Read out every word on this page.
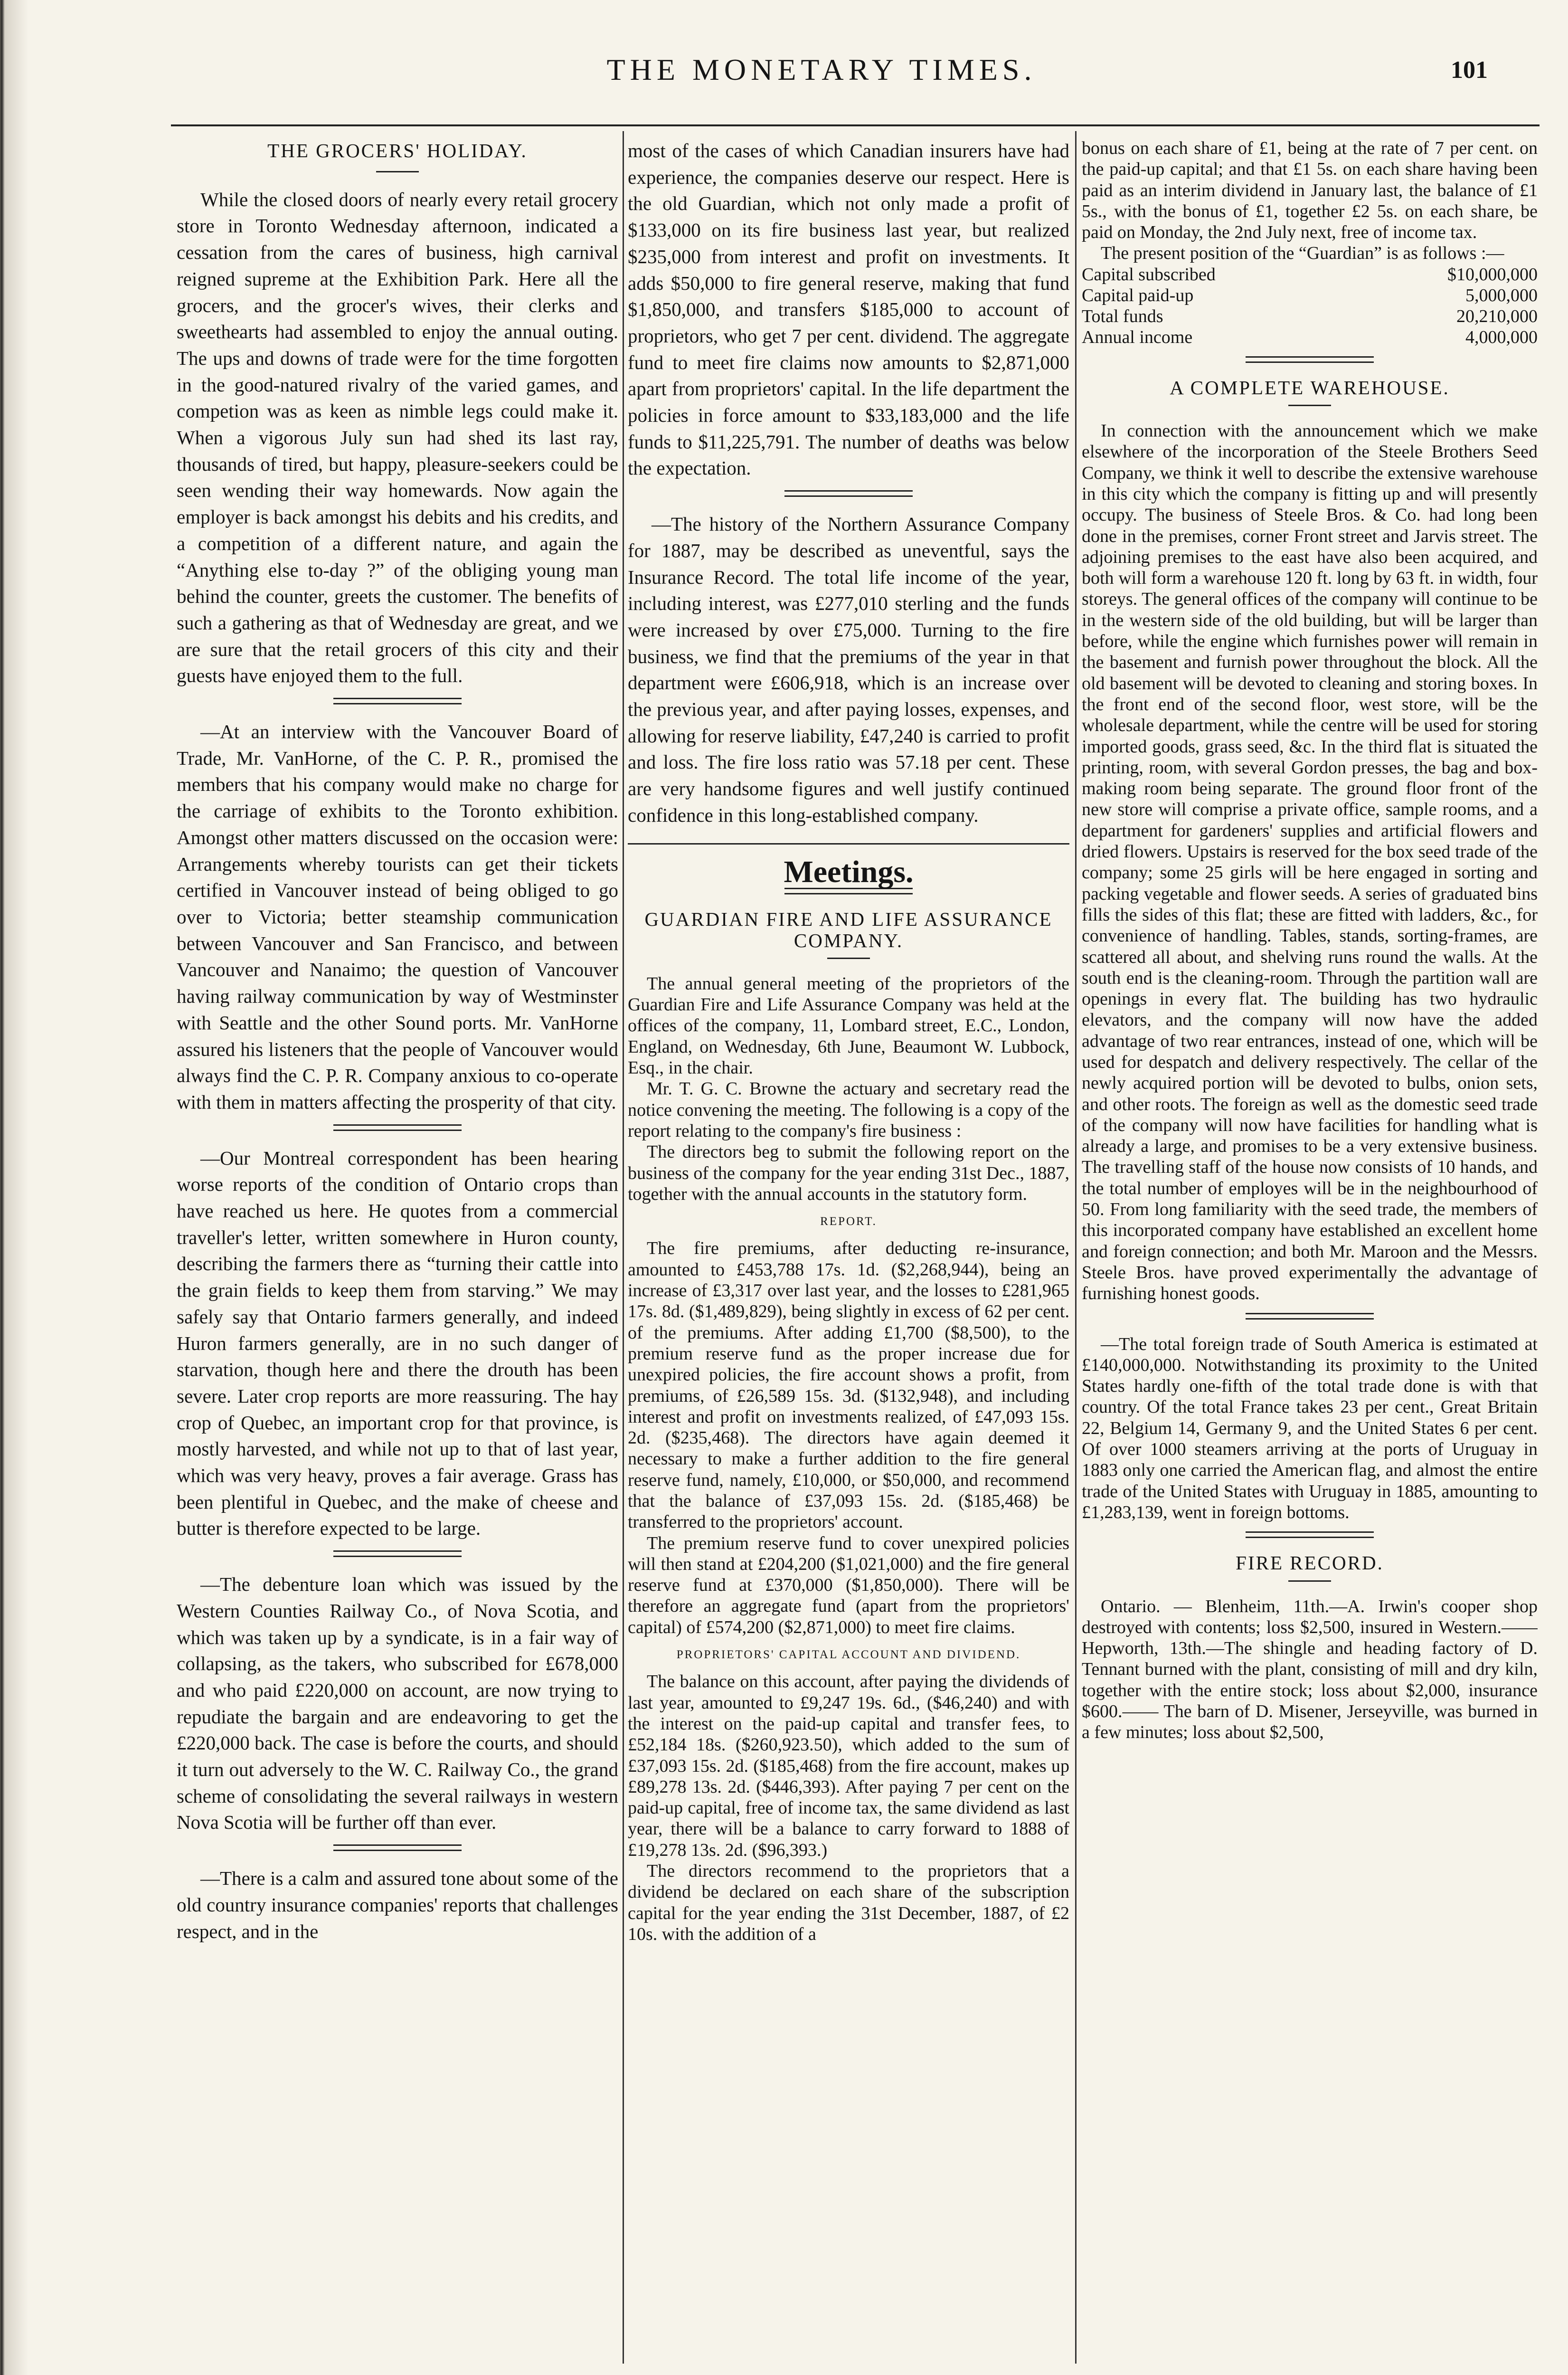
THE MONETARY TIMES.	101
THE GROCERS' HOLIDAY.

While the closed doors of nearly every retail grocery store in Toronto Wednesday afternoon, indicated a cessation from the cares of business, high carnival reigned supreme at the Exhibition Park. Here all the grocers, and the grocer's wives, their clerks and sweethearts had assembled to enjoy the annual outing. The ups and downs of trade were for the time forgotten in the good-natured rivalry of the varied games, and competion was as keen as nimble legs could make it. When a vigorous July sun had shed its last ray, thousands of tired, but happy, pleasure-seekers could be seen wending their way homewards. Now again the employer is back amongst his debits and his credits, and a competition of a different nature, and again the “Anything else to-day ?” of the obliging young man behind the counter, greets the customer. The benefits of such a gathering as that of Wednesday are great, and we are sure that the retail grocers of this city and their guests have enjoyed them to the full.

—At an interview with the Vancouver Board of Trade, Mr. VanHorne, of the C. P. R., promised the members that his company would make no charge for the carriage of exhibits to the Toronto exhibition. Amongst other matters discussed on the occasion were: Arrangements whereby tourists can get their tickets certified in Vancouver instead of being obliged to go over to Victoria; better steamship communication between Vancouver and San Francisco, and between Vancouver and Nanaimo; the question of Vancouver having railway communication by way of Westminster with Seattle and the other Sound ports. Mr. VanHorne assured his listeners that the people of Vancouver would always find the C. P. R. Company anxious to co-operate with them in matters affecting the prosperity of that city.

—Our Montreal correspondent has been hearing worse reports of the condition of Ontario crops than have reached us here. He quotes from a commercial traveller's letter, written somewhere in Huron county, describing the farmers there as “turning their cattle into the grain fields to keep them from starving.” We may safely say that Ontario farmers generally, and indeed Huron farmers generally, are in no such danger of starvation, though here and there the drouth has been severe. Later crop reports are more reassuring. The hay crop of Quebec, an important crop for that province, is mostly harvested, and while not up to that of last year, which was very heavy, proves a fair average. Grass has been plentiful in Quebec, and the make of cheese and butter is therefore expected to be large.

—The debenture loan which was issued by the Western Counties Railway Co., of Nova Scotia, and which was taken up by a syndicate, is in a fair way of collapsing, as the takers, who subscribed for £678,000 and who paid £220,000 on account, are now trying to repudiate the bargain and are endeavoring to get the £220,000 back. The case is before the courts, and should it turn out adversely to the W. C. Railway Co., the grand scheme of consolidating the several railways in western Nova Scotia will be further off than ever.

—There is a calm and assured tone about some of the old country insurance companies' reports that challenges respect, and in the

most of the cases of which Canadian insurers have had experience, the companies deserve our respect. Here is the old Guardian, which not only made a profit of $133,000 on its fire business last year, but realized $235,000 from interest and profit on investments. It adds $50,000 to fire general reserve, making that fund $1,850,000, and transfers $185,000 to account of proprietors, who get 7 per cent. dividend. The aggregate fund to meet fire claims now amounts to $2,871,000 apart from proprietors' capital. In the life department the policies in force amount to $33,183,000 and the life funds to $11,225,791. The number of deaths was below the expectation.

—The history of the Northern Assurance Company for 1887, may be described as uneventful, says the Insurance Record. The total life income of the year, including interest, was £277,010 sterling and the funds were increased by over £75,000. Turning to the fire business, we find that the premiums of the year in that department were £606,918, which is an increase over the previous year, and after paying losses, expenses, and allowing for reserve liability, £47,240 is carried to profit and loss. The fire loss ratio was 57.18 per cent. These are very handsome figures and well justify continued confidence in this long-established company.

Meetings.
GUARDIAN FIRE AND LIFE ASSURANCE COMPANY.

The annual general meeting of the proprietors of the Guardian Fire and Life Assurance Company was held at the offices of the company, 11, Lombard street, E.C., London, England, on Wednesday, 6th June, Beaumont W. Lubbock, Esq., in the chair.

Mr. T. G. C. Browne the actuary and secretary read the notice convening the meeting. The following is a copy of the report relating to the company's fire business :

The directors beg to submit the following report on the business of the company for the year ending 31st Dec., 1887, together with the annual accounts in the statutory form.

REPORT.

The fire premiums, after deducting re-insurance, amounted to £453,788 17s. 1d. ($2,268,944), being an increase of £3,317 over last year, and the losses to £281,965 17s. 8d. ($1,489,829), being slightly in excess of 62 per cent. of the premiums. After adding £1,700 ($8,500), to the premium reserve fund as the proper increase due for unexpired policies, the fire account shows a profit, from premiums, of £26,589 15s. 3d. ($132,948), and including interest and profit on investments realized, of £47,093 15s. 2d. ($235,468). The directors have again deemed it necessary to make a further addition to the fire general reserve fund, namely, £10,000, or $50,000, and recommend that the balance of £37,093 15s. 2d. ($185,468) be transferred to the proprietors' account.

The premium reserve fund to cover unexpired policies will then stand at £204,200 ($1,021,000) and the fire general reserve fund at £370,000 ($1,850,000). There will be therefore an aggregate fund (apart from the proprietors' capital) of £574,200 ($2,871,000) to meet fire claims.

PROPRIETORS' CAPITAL ACCOUNT AND DIVIDEND.

The balance on this account, after paying the dividends of last year, amounted to £9,247 19s. 6d., ($46,240) and with the interest on the paid-up capital and transfer fees, to £52,184 18s. ($260,923.50), which added to the sum of £37,093 15s. 2d. ($185,468) from the fire account, makes up £89,278 13s. 2d. ($446,393). After paying 7 per cent on the paid-up capital, free of income tax, the same dividend as last year, there will be a balance to carry forward to 1888 of £19,278 13s. 2d. ($96,393.)

The directors recommend to the proprietors that a dividend be declared on each share of the subscription capital for the year ending the 31st December, 1887, of £2 10s. with the addition of a

bonus on each share of £1, being at the rate of 7 per cent. on the paid-up capital; and that £1 5s. on each share having been paid as an interim dividend in January last, the balance of £1 5s., with the bonus of £1, together £2 5s. on each share, be paid on Monday, the 2nd July next, free of income tax.

The present position of the “Guardian” is as follows :—

Capital subscribed	$10,000,000
Capital paid-up	5,000,000
Total funds	20,210,000
Annual income	4,000,000
A COMPLETE WAREHOUSE.

In connection with the announcement which we make elsewhere of the incorporation of the Steele Brothers Seed Company, we think it well to describe the extensive warehouse in this city which the company is fitting up and will presently occupy. The business of Steele Bros. & Co. had long been done in the premises, corner Front street and Jarvis street. The adjoining premises to the east have also been acquired, and both will form a warehouse 120 ft. long by 63 ft. in width, four storeys. The general offices of the company will continue to be in the western side of the old building, but will be larger than before, while the engine which furnishes power will remain in the basement and furnish power throughout the block. All the old basement will be devoted to cleaning and storing boxes. In the front end of the second floor, west store, will be the wholesale department, while the centre will be used for storing imported goods, grass seed, &c. In the third flat is situated the printing, room, with several Gordon presses, the bag and box-making room being separate. The ground floor front of the new store will comprise a private office, sample rooms, and a department for gardeners' supplies and artificial flowers and dried flowers. Upstairs is reserved for the box seed trade of the company; some 25 girls will be here engaged in sorting and packing vegetable and flower seeds. A series of graduated bins fills the sides of this flat; these are fitted with ladders, &c., for convenience of handling. Tables, stands, sorting-frames, are scattered all about, and shelving runs round the walls. At the south end is the cleaning-room. Through the partition wall are openings in every flat. The building has two hydraulic elevators, and the company will now have the added advantage of two rear entrances, instead of one, which will be used for despatch and delivery respectively. The cellar of the newly acquired portion will be devoted to bulbs, onion sets, and other roots. The foreign as well as the domestic seed trade of the company will now have facilities for handling what is already a large, and promises to be a very extensive business. The travelling staff of the house now consists of 10 hands, and the total number of employes will be in the neighbourhood of 50. From long familiarity with the seed trade, the members of this incorporated company have established an excellent home and foreign connection; and both Mr. Maroon and the Messrs. Steele Bros. have proved experimentally the advantage of furnishing honest goods.

—The total foreign trade of South America is estimated at £140,000,000. Notwithstanding its proximity to the United States hardly one-fifth of the total trade done is with that country. Of the total France takes 23 per cent., Great Britain 22, Belgium 14, Germany 9, and the United States 6 per cent. Of over 1000 steamers arriving at the ports of Uruguay in 1883 only one carried the American flag, and almost the entire trade of the United States with Uruguay in 1885, amounting to £1,283,139, went in foreign bottoms.

FIRE RECORD.

Ontario. — Blenheim, 11th.—A. Irwin's cooper shop destroyed with contents; loss $2,500, insured in Western.——Hepworth, 13th.—The shingle and heading factory of D. Tennant burned with the plant, consisting of mill and dry kiln, together with the entire stock; loss about $2,000, insurance $600.—— The barn of D. Misener, Jerseyville, was burned in a few minutes; loss about $2,500,
